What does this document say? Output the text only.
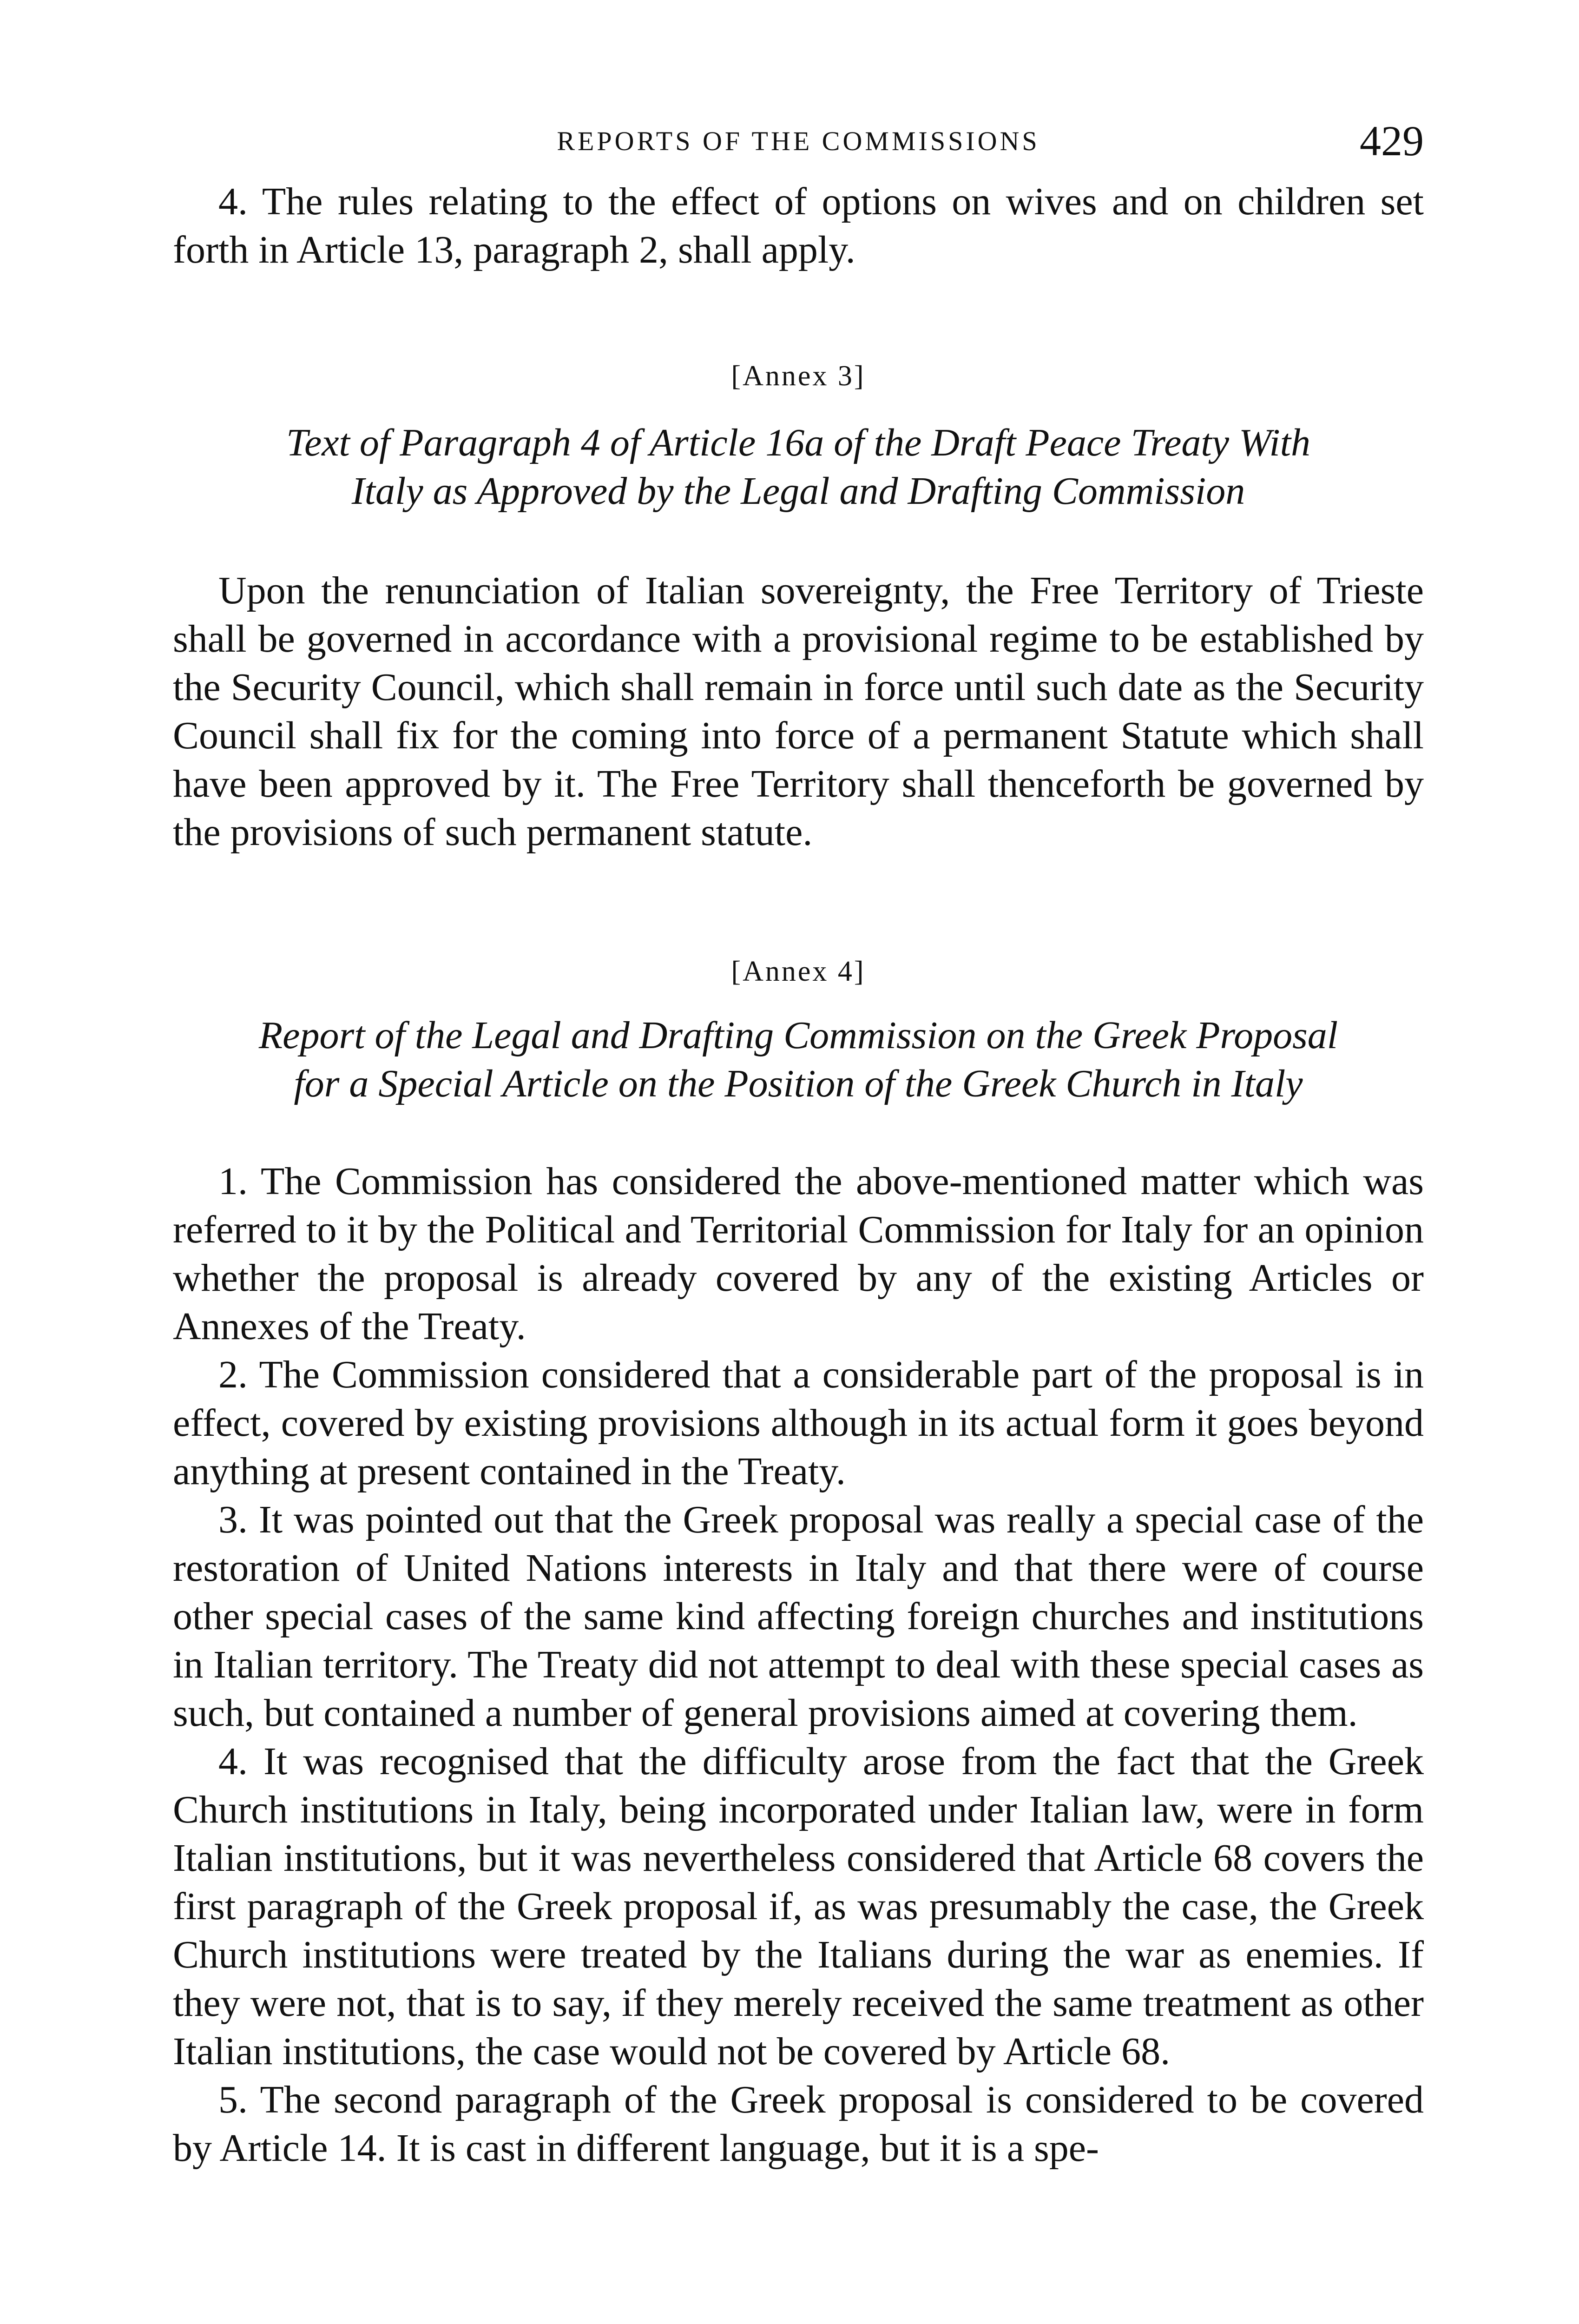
REPORTS OF THE COMMISSIONS	429

4. The rules relating to the effect of options on wives and on children set forth in Article 13, paragraph 2, shall apply.

[Annex 3]
Text of Paragraph 4 of Article 16a of the Draft Peace Treaty With
Italy as Approved by the Legal and Drafting Commission

Upon the renunciation of Italian sovereignty, the Free Territory of Trieste shall be governed in accordance with a provisional regime to be established by the Security Council, which shall remain in force until such date as the Security Council shall fix for the coming into force of a permanent Statute which shall have been approved by it. The Free Territory shall thenceforth be governed by the provisions of such permanent statute.

[Annex 4]
Report of the Legal and Drafting Commission on the Greek Proposal
for a Special Article on the Position of the Greek Church in Italy

1. The Commission has considered the above-mentioned matter which was referred to it by the Political and Territorial Commission for Italy for an opinion whether the proposal is already covered by any of the existing Articles or Annexes of the Treaty.

2. The Commission considered that a considerable part of the proposal is in effect, covered by existing provisions although in its actual form it goes beyond anything at present contained in the Treaty.

3. It was pointed out that the Greek proposal was really a special case of the restoration of United Nations interests in Italy and that there were of course other special cases of the same kind affecting foreign churches and institutions in Italian territory. The Treaty did not attempt to deal with these special cases as such, but contained a number of general provisions aimed at covering them.

4. It was recognised that the difficulty arose from the fact that the Greek Church institutions in Italy, being incorporated under Italian law, were in form Italian institutions, but it was nevertheless considered that Article 68 covers the first paragraph of the Greek proposal if, as was presumably the case, the Greek Church institutions were treated by the Italians during the war as enemies. If they were not, that is to say, if they merely received the same treatment as other Italian institutions, the case would not be covered by Article 68.

5. The second paragraph of the Greek proposal is considered to be covered by Article 14. It is cast in different language, but it is a spe-
